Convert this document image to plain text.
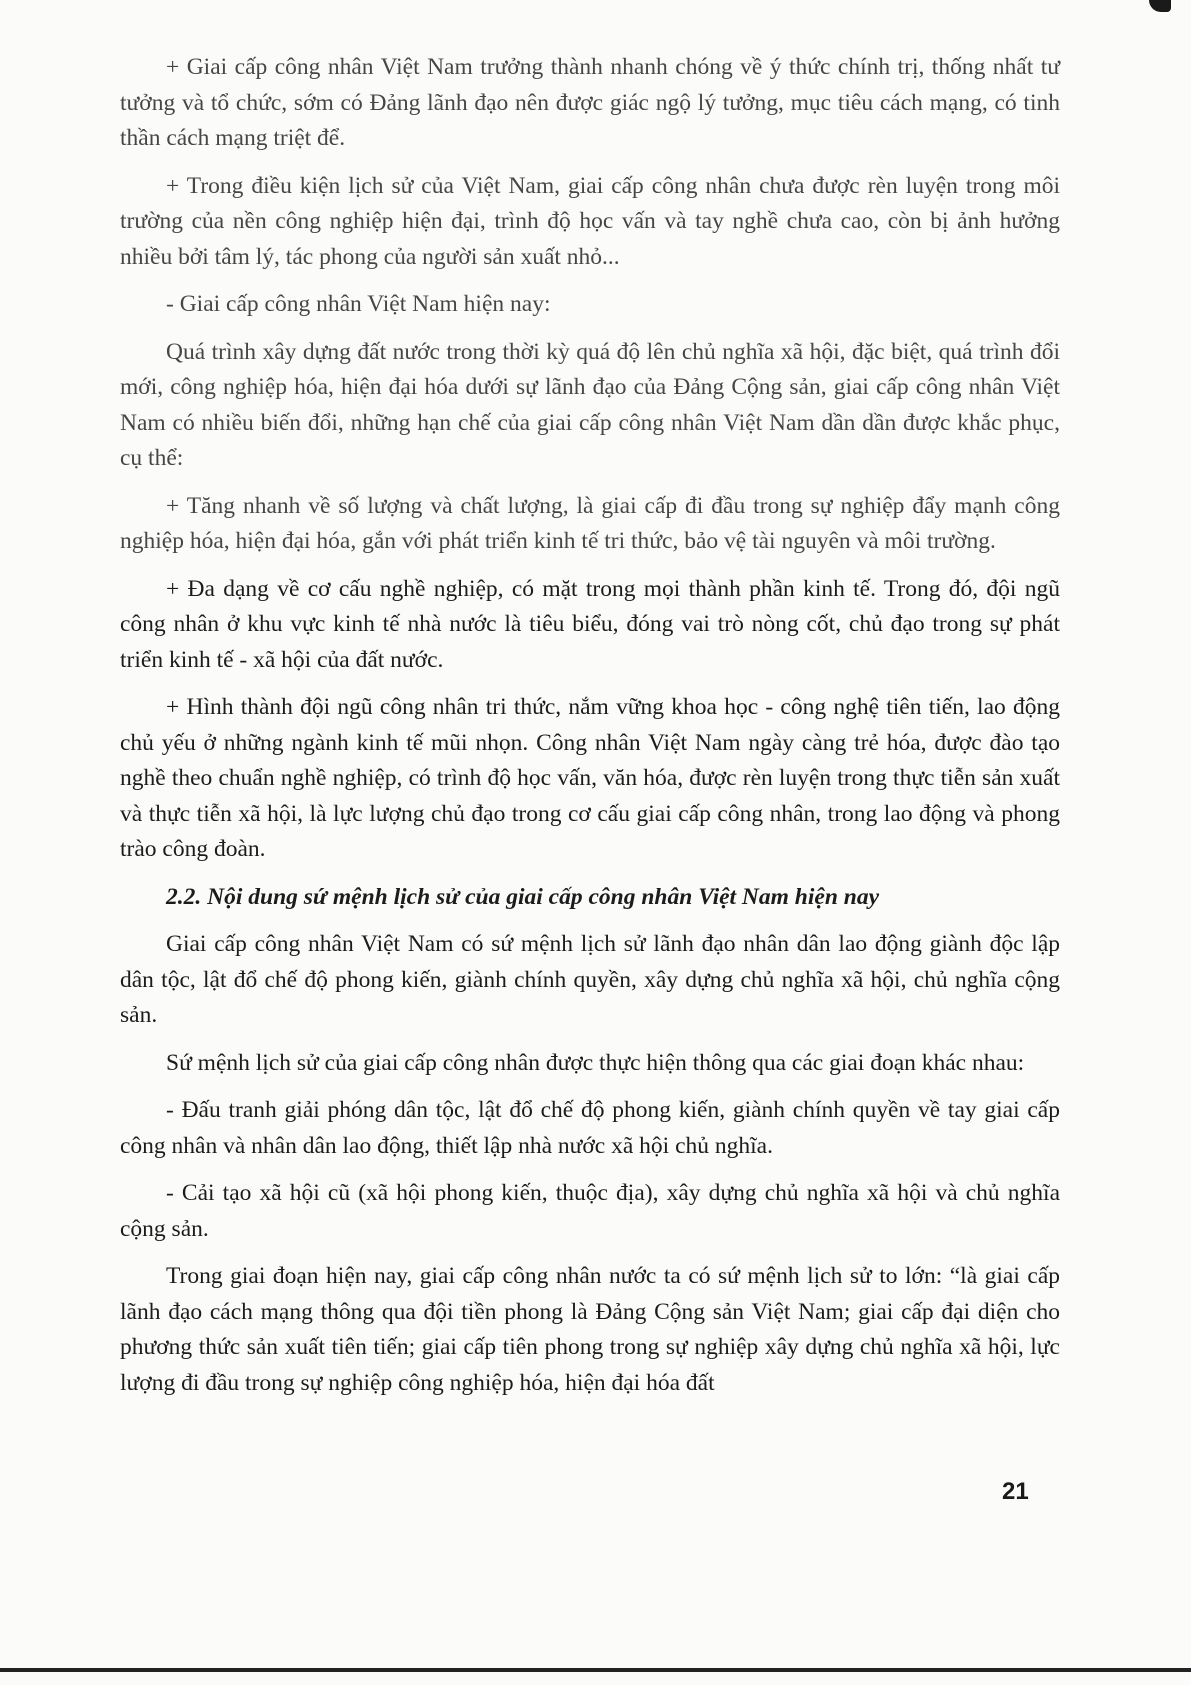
+ Giai cấp công nhân Việt Nam trưởng thành nhanh chóng về ý thức chính trị, thống nhất tư tưởng và tổ chức, sớm có Đảng lãnh đạo nên được giác ngộ lý tưởng, mục tiêu cách mạng, có tinh thần cách mạng triệt để.

+ Trong điều kiện lịch sử của Việt Nam, giai cấp công nhân chưa được rèn luyện trong môi trường của nền công nghiệp hiện đại, trình độ học vấn và tay nghề chưa cao, còn bị ảnh hưởng nhiều bởi tâm lý, tác phong của người sản xuất nhỏ...

- Giai cấp công nhân Việt Nam hiện nay:

Quá trình xây dựng đất nước trong thời kỳ quá độ lên chủ nghĩa xã hội, đặc biệt, quá trình đổi mới, công nghiệp hóa, hiện đại hóa dưới sự lãnh đạo của Đảng Cộng sản, giai cấp công nhân Việt Nam có nhiều biến đổi, những hạn chế của giai cấp công nhân Việt Nam dần dần được khắc phục, cụ thể:

+ Tăng nhanh về số lượng và chất lượng, là giai cấp đi đầu trong sự nghiệp đẩy mạnh công nghiệp hóa, hiện đại hóa, gắn với phát triển kinh tế tri thức, bảo vệ tài nguyên và môi trường.

+ Đa dạng về cơ cấu nghề nghiệp, có mặt trong mọi thành phần kinh tế. Trong đó, đội ngũ công nhân ở khu vực kinh tế nhà nước là tiêu biểu, đóng vai trò nòng cốt, chủ đạo trong sự phát triển kinh tế - xã hội của đất nước.

+ Hình thành đội ngũ công nhân tri thức, nắm vững khoa học - công nghệ tiên tiến, lao động chủ yếu ở những ngành kinh tế mũi nhọn. Công nhân Việt Nam ngày càng trẻ hóa, được đào tạo nghề theo chuẩn nghề nghiệp, có trình độ học vấn, văn hóa, được rèn luyện trong thực tiễn sản xuất và thực tiễn xã hội, là lực lượng chủ đạo trong cơ cấu giai cấp công nhân, trong lao động và phong trào công đoàn.

2.2. Nội dung sứ mệnh lịch sử của giai cấp công nhân Việt Nam hiện nay

Giai cấp công nhân Việt Nam có sứ mệnh lịch sử lãnh đạo nhân dân lao động giành độc lập dân tộc, lật đổ chế độ phong kiến, giành chính quyền, xây dựng chủ nghĩa xã hội, chủ nghĩa cộng sản.

Sứ mệnh lịch sử của giai cấp công nhân được thực hiện thông qua các giai đoạn khác nhau:

- Đấu tranh giải phóng dân tộc, lật đổ chế độ phong kiến, giành chính quyền về tay giai cấp công nhân và nhân dân lao động, thiết lập nhà nước xã hội chủ nghĩa.

- Cải tạo xã hội cũ (xã hội phong kiến, thuộc địa), xây dựng chủ nghĩa xã hội và chủ nghĩa cộng sản.

Trong giai đoạn hiện nay, giai cấp công nhân nước ta có sứ mệnh lịch sử to lớn: “là giai cấp lãnh đạo cách mạng thông qua đội tiền phong là Đảng Cộng sản Việt Nam; giai cấp đại diện cho phương thức sản xuất tiên tiến; giai cấp tiên phong trong sự nghiệp xây dựng chủ nghĩa xã hội, lực lượng đi đầu trong sự nghiệp công nghiệp hóa, hiện đại hóa đất

21
